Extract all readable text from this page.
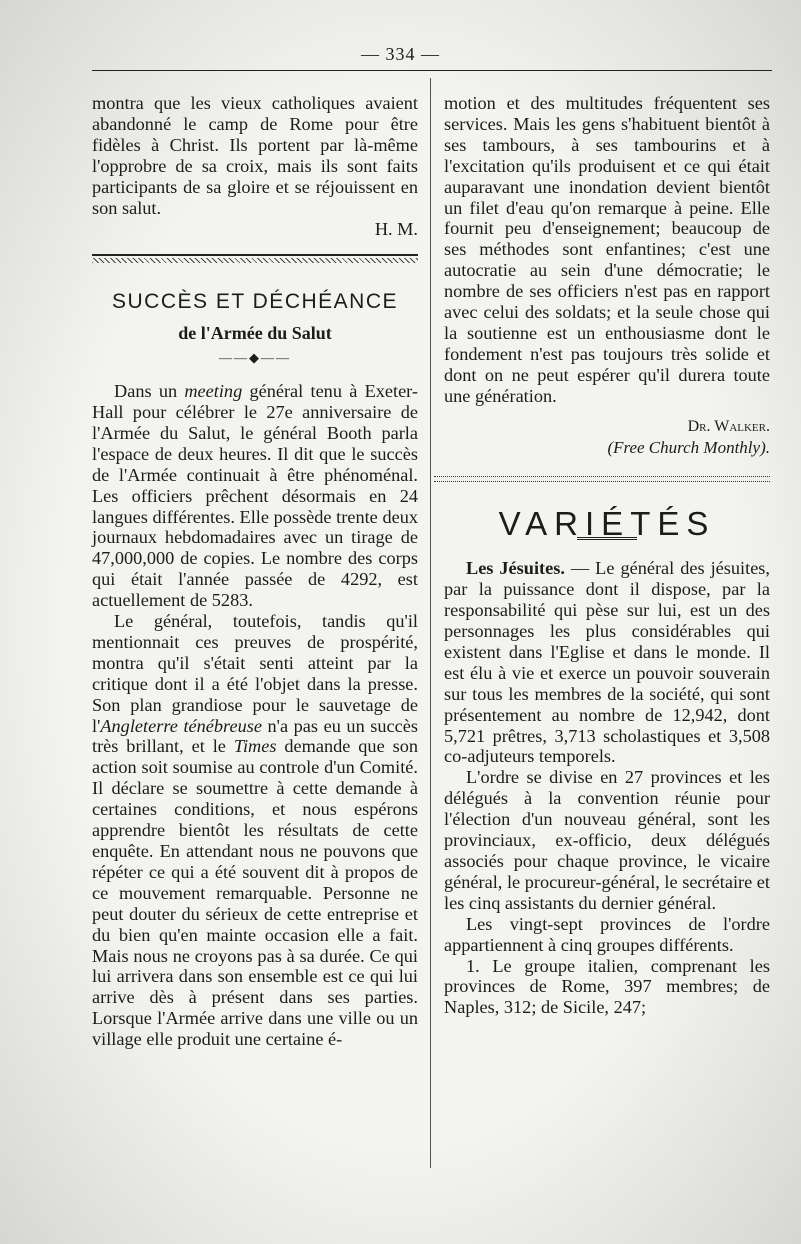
— 334 —

montra que les vieux catholiques avaient abandonné le camp de Rome pour être fidèles à Christ. Ils portent par là-même l'opprobre de sa croix, mais ils sont faits participants de sa gloire et se réjouissent en son salut.

H. M.
SUCCÈS ET DÉCHÉANCE
de l'Armée du Salut
——◆——

Dans un meeting général tenu à Exeter-Hall pour célébrer le 27e anniversaire de l'Armée du Salut, le général Booth parla l'espace de deux heures. Il dit que le succès de l'Armée continuait à être phénoménal. Les officiers prêchent désormais en 24 langues différentes. Elle possède trente deux journaux hebdomadaires avec un tirage de 47,000,000 de copies. Le nombre des corps qui était l'année passée de 4292, est actuellement de 5283.

Le général, toutefois, tandis qu'il mentionnait ces preuves de prospérité, montra qu'il s'était senti atteint par la critique dont il a été l'objet dans la presse. Son plan grandiose pour le sauvetage de l'Angleterre ténébreuse n'a pas eu un succès très brillant, et le Times demande que son action soit soumise au controle d'un Comité. Il déclare se soumettre à cette demande à certaines conditions, et nous espérons apprendre bientôt les résultats de cette enquête. En attendant nous ne pouvons que répéter ce qui a été souvent dit à propos de ce mouvement remarquable. Personne ne peut douter du sérieux de cette entreprise et du bien qu'en mainte occasion elle a fait. Mais nous ne croyons pas à sa durée. Ce qui lui arrivera dans son ensemble est ce qui lui arrive dès à présent dans ses parties. Lorsque l'Armée arrive dans une ville ou un village elle produit une certaine é-

motion et des multitudes fréquentent ses services. Mais les gens s'habituent bientôt à ses tambours, à ses tambourins et à l'excitation qu'ils produisent et ce qui était auparavant une inondation devient bientôt un filet d'eau qu'on remarque à peine. Elle fournit peu d'enseignement; beaucoup de ses méthodes sont enfantines; c'est une autocratie au sein d'une démocratie; le nombre de ses officiers n'est pas en rapport avec celui des soldats; et la seule chose qui la soutienne est un enthousiasme dont le fondement n'est pas toujours très solide et dont on ne peut espérer qu'il durera toute une génération.

Dr. Walker.
(Free Church Monthly).
VARIÉTÉS

Les Jésuites. — Le général des jésuites, par la puissance dont il dispose, par la responsabilité qui pèse sur lui, est un des personnages les plus considérables qui existent dans l'Eglise et dans le monde. Il est élu à vie et exerce un pouvoir souverain sur tous les membres de la société, qui sont présentement au nombre de 12,942, dont 5,721 prêtres, 3,713 scholastiques et 3,508 co-adjuteurs temporels.

L'ordre se divise en 27 provinces et les délégués à la convention réunie pour l'élection d'un nouveau général, sont les provinciaux, ex-officio, deux délégués associés pour chaque province, le vicaire général, le procureur-général, le secrétaire et les cinq assistants du dernier général.

Les vingt-sept provinces de l'ordre appartiennent à cinq groupes différents.

1. Le groupe italien, comprenant les provinces de Rome, 397 membres; de Naples, 312; de Sicile, 247;
